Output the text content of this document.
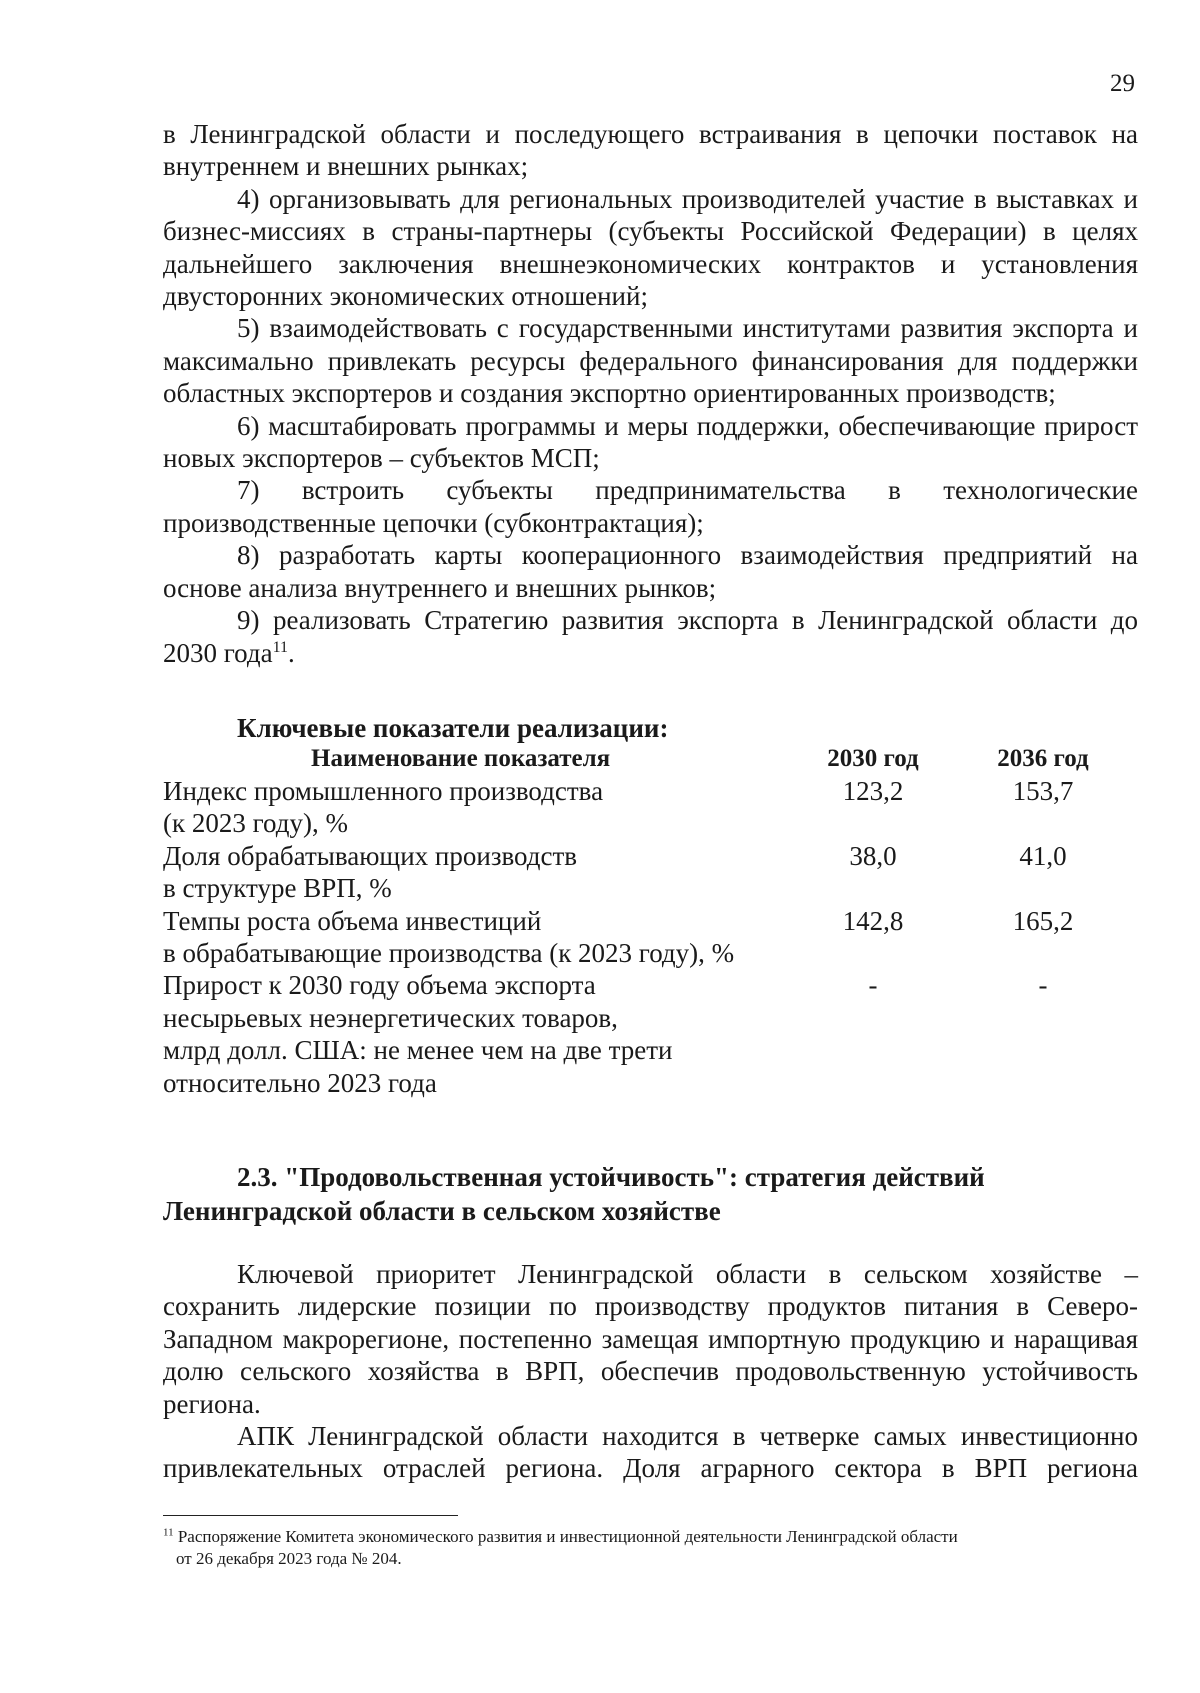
29

в Ленинградской области и последующего встраивания в цепочки поставок на внутреннем и внешних рынках;

4) организовывать для региональных производителей участие в выставках и бизнес-миссиях в страны-партнеры (субъекты Российской Федерации) в целях дальнейшего заключения внешнеэкономических контрактов и установления двусторонних экономических отношений;

5) взаимодействовать с государственными институтами развития экспорта и максимально привлекать ресурсы федерального финансирования для поддержки областных экспортеров и создания экспортно ориентированных производств;

6) масштабировать программы и меры поддержки, обеспечивающие прирост новых экспортеров – субъектов МСП;

7) встроить субъекты предпринимательства в технологические производственные цепочки (субконтрактация);

8) разработать карты кооперационного взаимодействия предприятий на основе анализа внутреннего и внешних рынков;

9) реализовать Стратегию развития экспорта в Ленинградской области до 2030 года$^{11}$.

Ключевые показатели реализации:
Наименование показателя	2030 год	2036 год
Индекс промышленного производства
(к 2023 году), %
123,2	153,7
Доля обрабатывающих производств
в структуре ВРП, %
38,0	41,0
Темпы роста объема инвестиций
в обрабатывающие производства (к 2023 году), %
142,8	165,2
Прирост к 2030 году объема экспорта
несырьевых неэнергетических товаров,
млрд долл. США: не менее чем на две трети
относительно 2023 года
-	-
2.3. "Продовольственная устойчивость": стратегия действий
Ленинградской области в сельском хозяйстве

Ключевой приоритет Ленинградской области в сельском хозяйстве – сохранить лидерские позиции по производству продуктов питания в Северо-Западном макрорегионе, постепенно замещая импортную продукцию и наращивая долю сельского хозяйства в ВРП, обеспечив продовольственную устойчивость региона.

АПК Ленинградской области находится в четверке самых инвестиционно привлекательных отраслей региона. Доля аграрного сектора в ВРП региона

$^{11}$ Распоряжение Комитета экономического развития и инвестиционной деятельности Ленинградской области
от 26 декабря 2023 года № 204.
